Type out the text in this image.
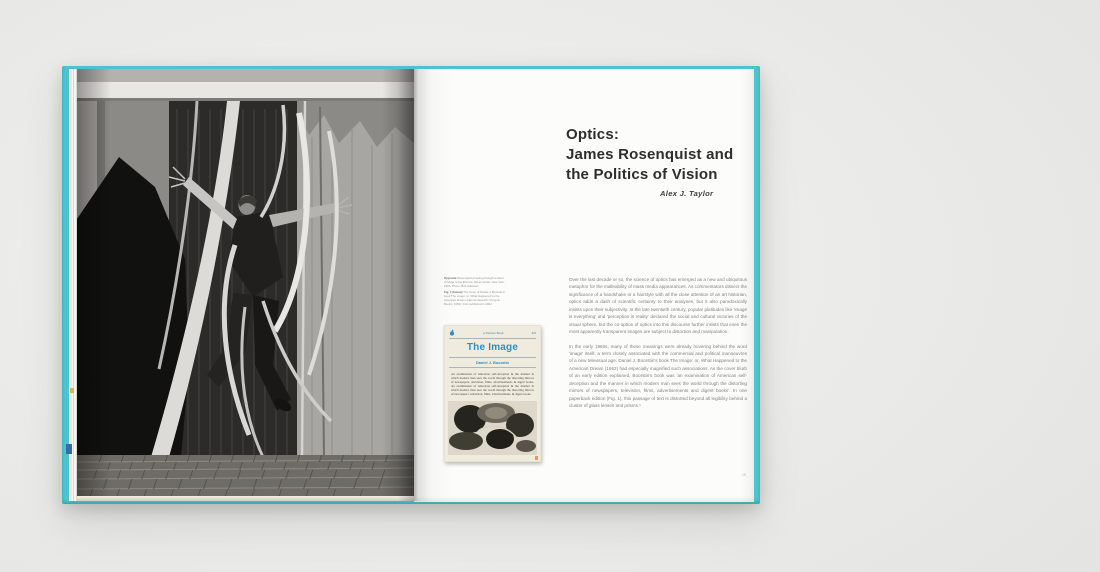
Optics:
James Rosenquist and
the Politics of Vision
Alex J. Taylor
Opposite Rosenquist jumping through a sheet of Mylar at his Broome Street studio, New York, 1966. Photo: Bob Adelman
Fig. 1 (below) The cover of Daniel J. Boorstin's book The Image: or, What Happened to the American Dream (Harmondsworth: Penguin Books, 1963). First published in 1962.
a Pelican Book	4/6
The Image
Daniel J. Boorstin
An examination of American self-deception & the manner in which modern man sees the world through the distorting mirrors of newspapers, television, films, advertisements, & digest books. An examination of American self-deception & the manner in which modern man sees the world through the distorting mirrors of newspapers, television, films, advertisements, & digest books.

Over the last decade or so, the science of optics has emerged as a new and ubiquitous metaphor for the malleability of mass media appearances. As commentators dissect the significance of a handshake or a hairstyle with all the close attention of an art historian, optics adds a dash of scientific certainty to their analyses, but it also paradoxically insists upon their subjectivity. In the late twentieth century, popular platitudes like 'image is everything' and 'perception is reality' declared the social and cultural victories of the visual sphere, but the co-option of optics into this discourse further insists that even the most apparently transparent images are subject to distortion and manipulation.

In the early 1960s, many of these meanings were already hovering behind the word 'image' itself, a term closely associated with the commercial and political manoeuvres of a new televisual age. Daniel J. Boorstin's book The Image: or, What Happened to the American Dream (1962) had especially magnified such associations. As the cover blurb of an early edition explained, Boorstin's book was 'an examination of American self-deception and the manner in which modern man sees the world through the distorting mirrors of newspapers, television, films, advertisements and digest books'. In one paperback edition (Fig. 1), this passage of text is distorted beyond all legibility behind a cluster of glass lenses and prisms.¹

15
